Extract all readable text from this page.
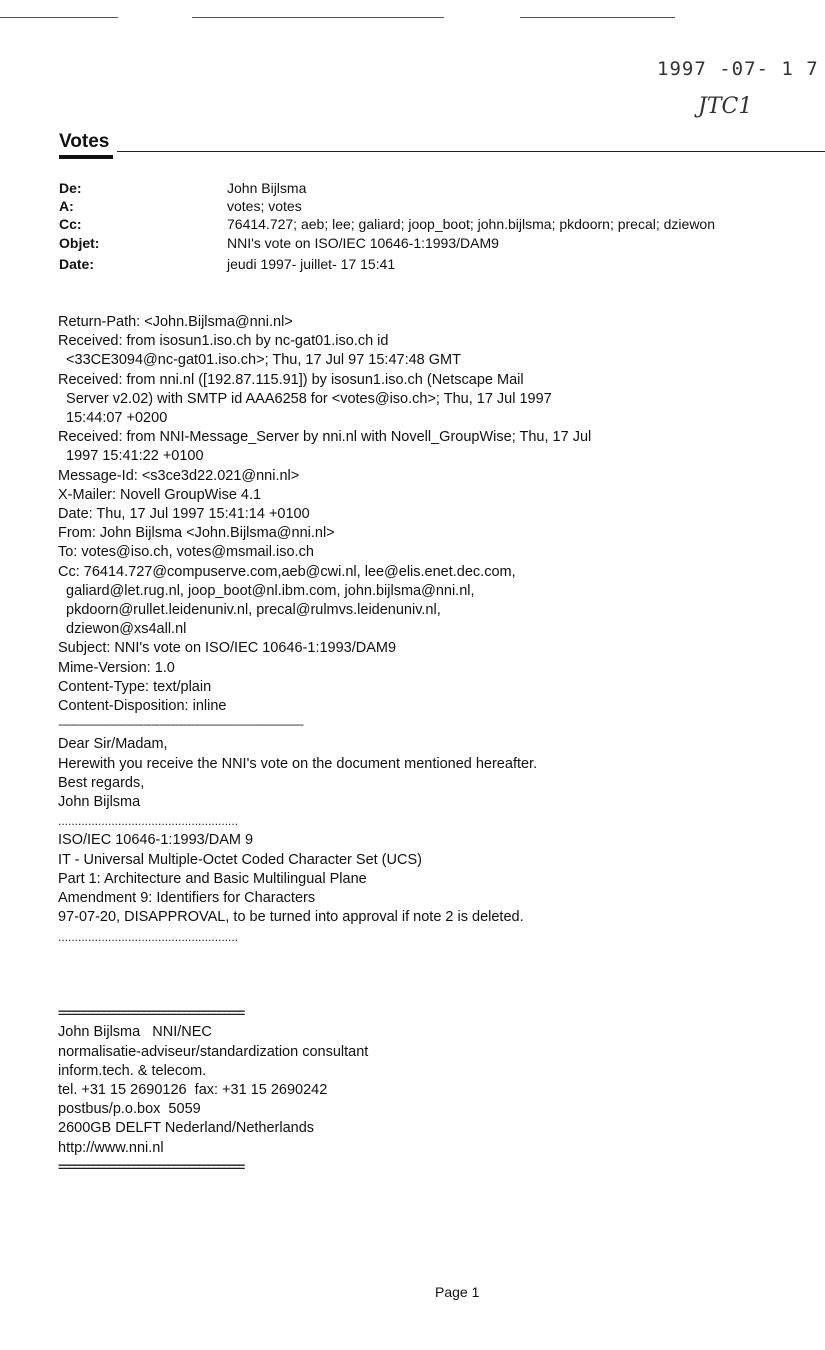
1997 -07- 1 7
JTC1
Votes
De:	John Bijlsma
A:	votes; votes
Cc:	76414.727; aeb; lee; galiard; joop_boot; john.bijlsma; pkdoorn; precal; dziewon
Objet:	NNI's vote on ISO/IEC 10646-1:1993/DAM9
Date:	jeudi 1997- juillet- 17 15:41
Return-Path: <John.Bijlsma@nni.nl>
Received: from isosun1.iso.ch by nc-gat01.iso.ch id
<33CE3094@nc-gat01.iso.ch>; Thu, 17 Jul 97 15:47:48 GMT
Received: from nni.nl ([192.87.115.91]) by isosun1.iso.ch (Netscape Mail
Server v2.02) with SMTP id AAA6258 for <votes@iso.ch>; Thu, 17 Jul 1997
15:44:07 +0200
Received: from NNI-Message_Server by nni.nl with Novell_GroupWise; Thu, 17 Jul
1997 15:41:22 +0100
Message-Id: <s3ce3d22.021@nni.nl>
X-Mailer: Novell GroupWise 4.1
Date: Thu, 17 Jul 1997 15:41:14 +0100
From: John Bijlsma <John.Bijlsma@nni.nl>
To: votes@iso.ch, votes@msmail.iso.ch
Cc: 76414.727@compuserve.com,aeb@cwi.nl, lee@elis.enet.dec.com,
galiard@let.rug.nl, joop_boot@nl.ibm.com, john.bijlsma@nni.nl,
pkdoorn@rullet.leidenuniv.nl, precal@rulmvs.leidenuniv.nl,
dziewon@xs4all.nl
Subject: NNI's vote on ISO/IEC 10646-1:1993/DAM9
Mime-Version: 1.0
Content-Type: text/plain
Content-Disposition: inline
--------------------------------------------------------------------------------------------
Dear Sir/Madam,
Herewith you receive the NNI's vote on the document mentioned hereafter.
Best regards,
John Bijlsma
......................................................
ISO/IEC 10646-1:1993/DAM 9
IT - Universal Multiple-Octet Coded Character Set (UCS)
Part 1: Architecture and Basic Multilingual Plane
Amendment 9: Identifiers for Characters
97-07-20, DISAPPROVAL, to be turned into approval if note 2 is deleted.
......................................................
=====================================
John Bijlsma   NNI/NEC
normalisatie-adviseur/standardization consultant
inform.tech. & telecom.
tel. +31 15 2690126  fax: +31 15 2690242
postbus/p.o.box  5059
2600GB DELFT Nederland/Netherlands
http://www.nni.nl
=====================================
Page 1
